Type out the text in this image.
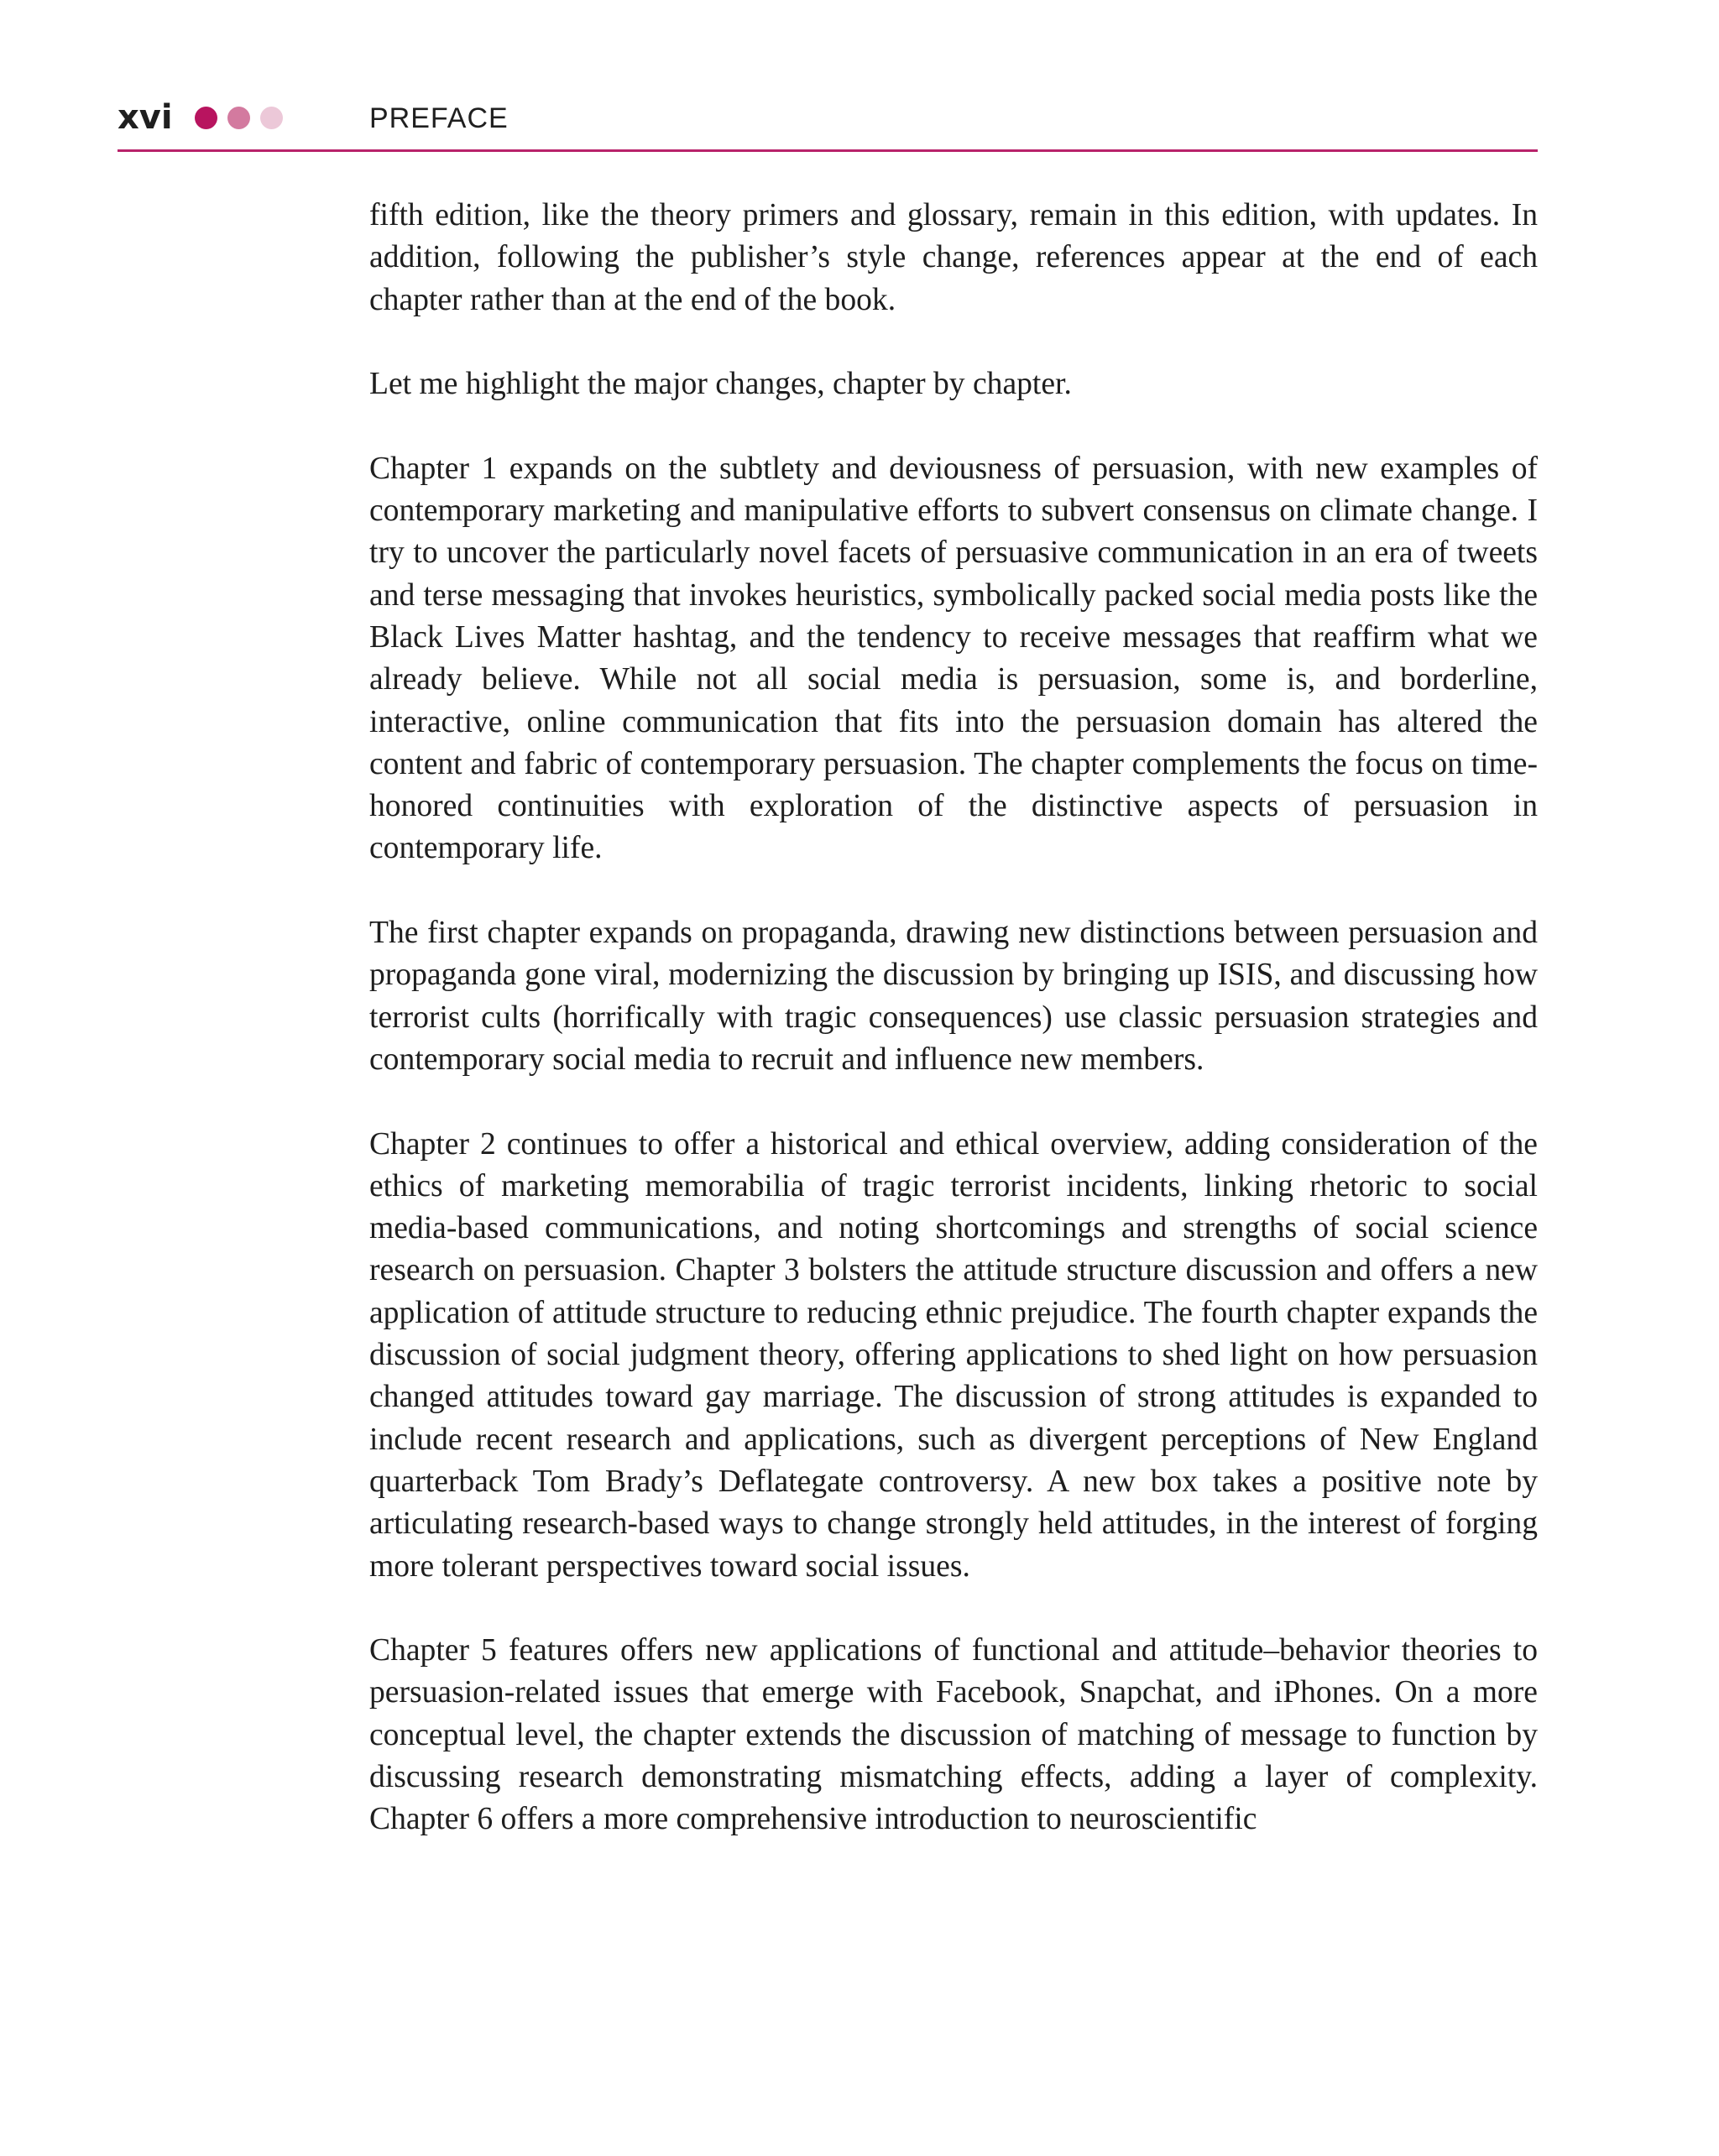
xvi	PREFACE

fifth edition, like the theory primers and glossary, remain in this edition, with updates. In addition, following the publisher’s style change, references appear at the end of each chapter rather than at the end of the book.

Let me highlight the major changes, chapter by chapter.

Chapter 1 expands on the subtlety and deviousness of persuasion, with new examples of contemporary marketing and manipulative efforts to subvert consensus on climate change. I try to uncover the particularly novel facets of persuasive communication in an era of tweets and terse messaging that invokes heuristics, symbolically packed social media posts like the Black Lives Matter hashtag, and the tendency to receive messages that reaffirm what we already believe. While not all social media is persuasion, some is, and borderline, interactive, online communication that fits into the persuasion domain has altered the content and fabric of contemporary persuasion. The chapter complements the focus on time-honored continuities with exploration of the distinctive aspects of persuasion in contemporary life.

The first chapter expands on propaganda, drawing new distinctions between persuasion and propaganda gone viral, modernizing the discussion by bringing up ISIS, and discussing how terrorist cults (horrifically with tragic consequences) use classic persuasion strategies and contemporary social media to recruit and influence new members.

Chapter 2 continues to offer a historical and ethical overview, adding consideration of the ethics of marketing memorabilia of tragic terrorist incidents, linking rhetoric to social media-based communications, and noting shortcomings and strengths of social science research on persuasion. Chapter 3 bolsters the attitude structure discussion and offers a new application of attitude structure to reducing ethnic prejudice. The fourth chapter expands the discussion of social judgment theory, offering applications to shed light on how persuasion changed attitudes toward gay marriage. The discussion of strong attitudes is expanded to include recent research and applications, such as divergent perceptions of New England quarterback Tom Brady’s Deflategate controversy. A new box takes a positive note by articulating research-based ways to change strongly held attitudes, in the interest of forging more tolerant perspectives toward social issues.

Chapter 5 features offers new applications of functional and attitude–behavior theories to persuasion-related issues that emerge with Facebook, Snapchat, and iPhones. On a more conceptual level, the chapter extends the discussion of matching of message to function by discussing research demonstrating mismatching effects, adding a layer of complexity. Chapter 6 offers a more comprehensive introduction to neuroscientific
